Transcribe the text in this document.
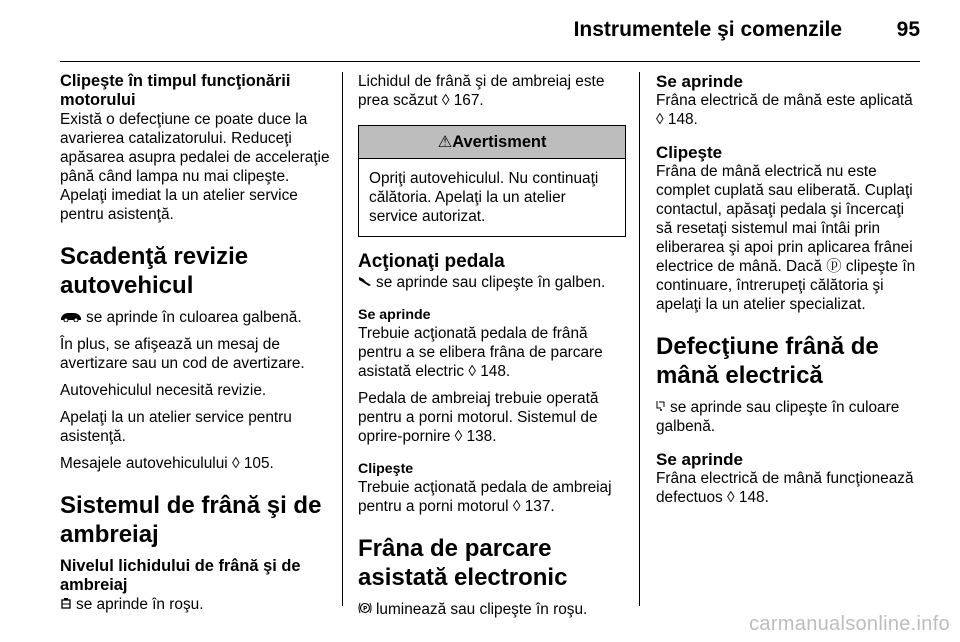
Instrumentele şi comenzile	95
Clipeşte în timpul funcţionării motorului

Există o defecţiune ce poate duce la avarierea catalizatorului. Reduceţi apăsarea asupra pedalei de acceleraţie până când lampa nu mai clipeşte. Apelaţi imediat la un atelier service pentru asistenţă.

Scadenţă revizie autovehicul

se aprinde în culoarea galbenă.

În plus, se afişează un mesaj de avertizare sau un cod de avertizare.

Autovehiculul necesită revizie.

Apelaţi la un atelier service pentru asistenţă.

Mesajele autovehiculului ◊ 105.

Sistemul de frână şi de ambreiaj
Nivelul lichidului de frână şi de ambreiaj

se aprinde în roşu.

Lichidul de frână şi de ambreiaj este prea scăzut ◊ 167.

⚠Avertisment
Opriţi autovehiculul. Nu continuaţi călătoria. Apelaţi la un atelier service autorizat.
Acţionaţi pedala

se aprinde sau clipeşte în galben.

Se aprinde

Trebuie acţionată pedala de frână pentru a se elibera frâna de parcare asistată electric ◊ 148.

Pedala de ambreiaj trebuie operată pentru a porni motorul. Sistemul de oprire-pornire ◊ 138.

Clipeşte

Trebuie acţionată pedala de ambreiaj pentru a porni motorul ◊ 137.

Frâna de parcare asistată electronic

P luminează sau clipeşte în roşu.

Se aprinde

Frâna electrică de mână este aplicată ◊ 148.

Clipeşte

Frâna de mână electrică nu este complet cuplată sau eliberată. Cuplaţi contactul, apăsaţi pedala şi încercaţi să resetaţi sistemul mai întâi prin eliberarea şi apoi prin aplicarea frânei electrice de mână. Dacă ⓟ clipeşte în continuare, întrerupeţi călătoria şi apelaţi la un atelier specializat.

Defecţiune frână de mână electrică

se aprinde sau clipeşte în culoare galbenă.

Se aprinde

Frâna electrică de mână funcţionează defectuos ◊ 148.

carmanualsonline.info
